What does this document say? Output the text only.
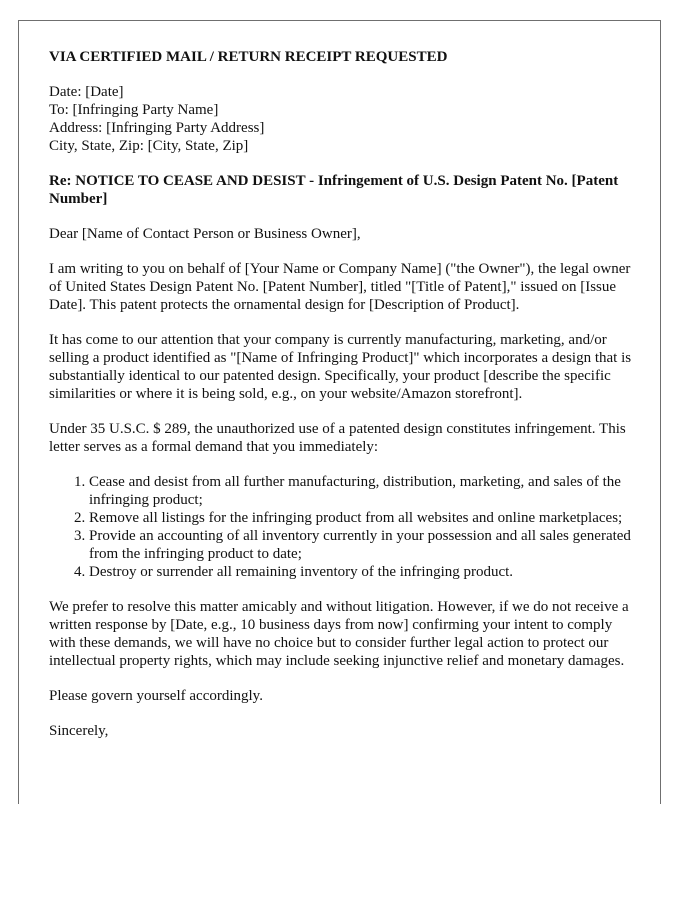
VIA CERTIFIED MAIL / RETURN RECEIPT REQUESTED

Date: [Date]

To: [Infringing Party Name]

Address: [Infringing Party Address]

City, State, Zip: [City, State, Zip]

Re: NOTICE TO CEASE AND DESIST - Infringement of U.S. Design Patent No. [Patent Number]

Dear [Name of Contact Person or Business Owner],

I am writing to you on behalf of [Your Name or Company Name] ("the Owner"), the legal owner of United States Design Patent No. [Patent Number], titled "[Title of Patent]," issued on [Issue Date]. This patent protects the ornamental design for [Description of Product].

It has come to our attention that your company is currently manufacturing, marketing, and/or selling a product identified as "[Name of Infringing Product]" which incorporates a design that is substantially identical to our patented design. Specifically, your product [describe the specific similarities or where it is being sold, e.g., on your website/Amazon storefront].

Under 35 U.S.C. $ 289, the unauthorized use of a patented design constitutes infringement. This letter serves as a formal demand that you immediately:

1. Cease and desist from all further manufacturing, distribution, marketing, and sales of the infringing product;
2. Remove all listings for the infringing product from all websites and online marketplaces;
3. Provide an accounting of all inventory currently in your possession and all sales generated from the infringing product to date;
4. Destroy or surrender all remaining inventory of the infringing product.

We prefer to resolve this matter amicably and without litigation. However, if we do not receive a written response by [Date, e.g., 10 business days from now] confirming your intent to comply with these demands, we will have no choice but to consider further legal action to protect our intellectual property rights, which may include seeking injunctive relief and monetary damages.

Please govern yourself accordingly.

Sincerely,
